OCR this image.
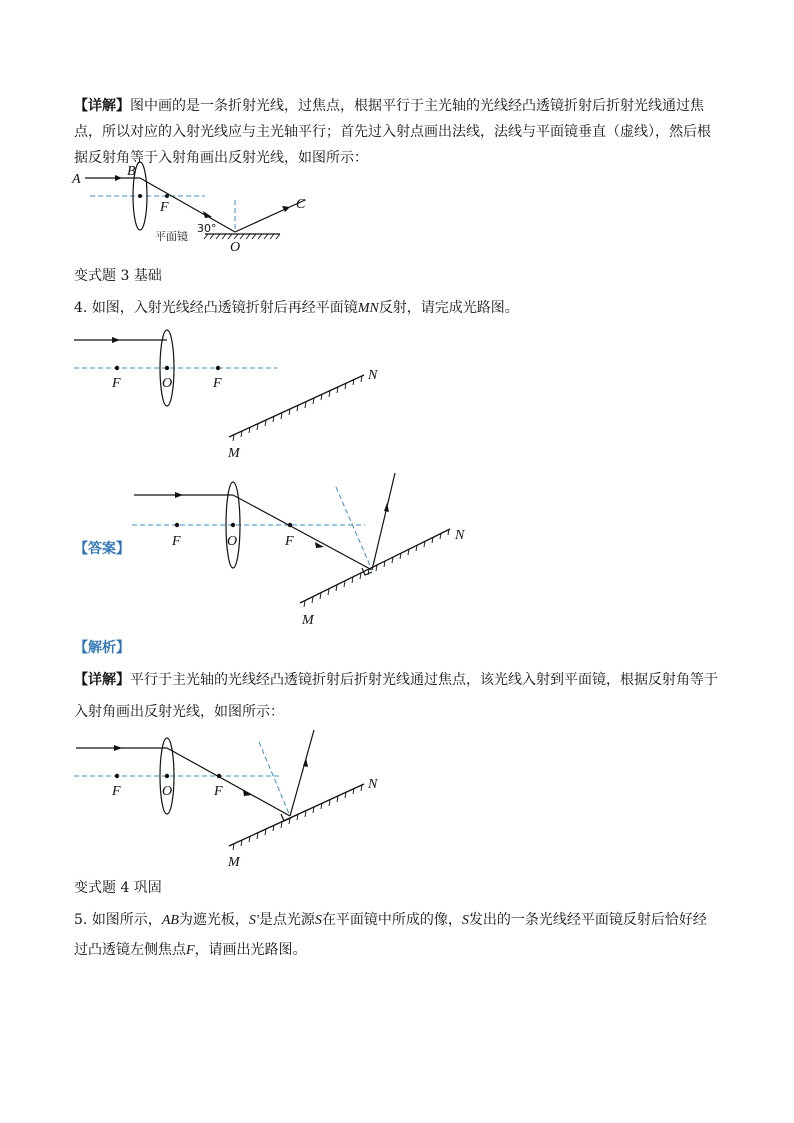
【详解】图中画的是一条折射光线，过焦点，根据平行于主光轴的光线经凸透镜折射后折射光线通过焦
点，所以对应的入射光线应与主光轴平行；首先过入射点画出法线，法线与平面镜垂直（虚线），然后根
据反射角等于入射角画出反射光线，如图所示：
A
B
F	C
O
30°
平面镜
变式题 3 基础
4. 如图，入射光线经凸透镜折射后再经平面镜MN反射，请完成光路图。
F	O	F
N
M
【答案】	F	O	F	N
M
【解析】
【详解】平行于主光轴的光线经凸透镜折射后折射光线通过焦点，该光线入射到平面镜，根据反射角等于
入射角画出反射光线，如图所示：
F	O	F	N
M
变式题 4 巩固
5. 如图所示，AB为遮光板，S'是点光源S在平面镜中所成的像，S发出的一条光线经平面镜反射后恰好经
过凸透镜左侧焦点F，请画出光路图。
